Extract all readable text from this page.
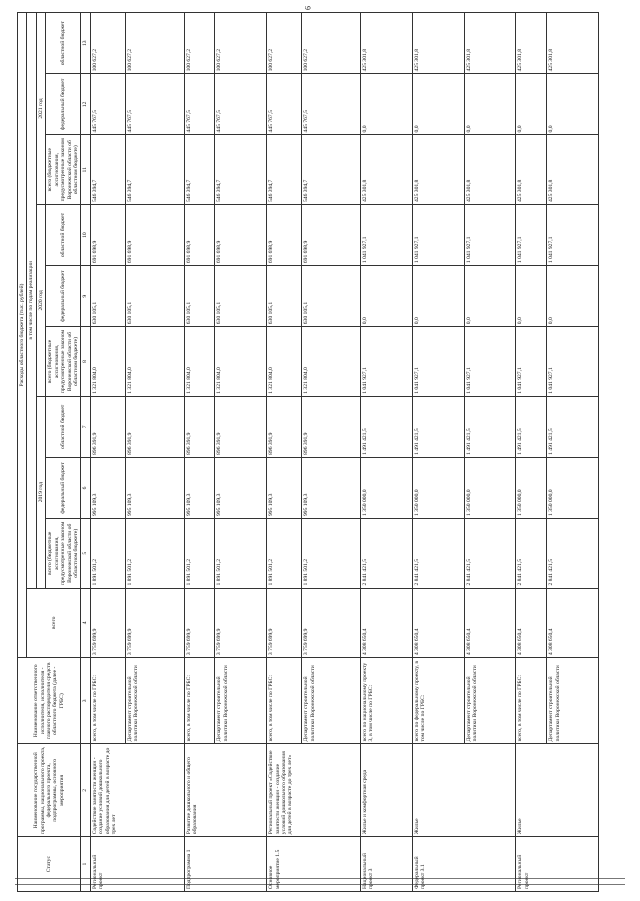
9
Статус	Наименование государственной программы, национального проекта, федерального проекта, подпрограммы, основного мероприятия	Наименование ответственного исполнителя, исполнителя - главного распорядителя средств областного бюджета (далее - ГРБС)	Расходы областного бюджета (тыс. рублей)									
			всего	в том числе по годам реализации								
				2019 год			2020 год			2021 год		
				всего (бюджетные ассигнования, предусмотренные законом Воронежской области об областном бюджете)	федеральный бюджет	областной бюджет	всего (бюджетные ассигнования, предусмотренные законом Воронежской области об областном бюджете)	федеральный бюджет	областной бюджет	всего (бюджетные ассигнования, предусмотренные законом Воронежской области об областном бюджете)	федеральный бюджет	областной бюджет
1	2	3	4	5	6	7	8	9	10	11	12	13
Региональный проект	Содействие занятости женщин - создание условий дошкольного образования для детей в возрасте до трех лет	всего, в том числе по ГРБС:	3 759 699,9	1 891 501,2	995 109,3	896 391,9	1 321 804,0	630 105,1	691 698,9	546 394,7	445 767,5	100 627,2
		Департамент строительной политики Воронежской области	3 759 699,9	1 891 501,2	995 109,3	896 391,9	1 321 804,0	630 105,1	691 698,9	546 394,7	445 767,5	100 627,2
Подпрограмма 1	Развитие дошкольного и общего образования	всего, в том числе по ГРБС:	3 759 699,9	1 891 501,2	995 109,3	896 391,9	1 321 804,0	630 105,1	691 698,9	546 394,7	445 767,5	100 627,2
		Департамент строительной политики Воронежской области	3 759 699,9	1 891 501,2	995 109,3	896 391,9	1 321 804,0	630 105,1	691 698,9	546 394,7	445 767,5	100 627,2
Основное мероприятие 1.5	Региональный проект «Содействие занятости женщин - создание условий дошкольного образования для детей в возрасте до трех лет»	всего, в том числе по ГРБС:	3 759 699,9	1 891 501,2	995 109,3	896 391,9	1 321 804,0	630 105,1	691 698,9	546 394,7	445 767,5	100 627,2
		Департамент строительной политики Воронежской области	3 759 699,9	1 891 501,2	995 109,3	896 391,9	1 321 804,0	630 105,1	691 698,9	546 394,7	445 767,5	100 627,2
Национальный проект 3	Жилье и комфортная среда	всего по национальному проекту 3, в том числе по ГРБС:	4 308 650,4	2 841 421,5	1 350 000,0	1 491 421,5	1 041 927,1	0,0	1 041 927,1	425 301,8	0,0	425 301,8
Федеральный проект 3.1	Жилье	всего по федеральному проекту, в том числе по ГРБС:	4 308 650,4	2 841 421,5	1 350 000,0	1 491 421,5	1 041 927,1	0,0	1 041 927,1	425 301,8	0,0	425 301,8
		Департамент строительной политики Воронежской области	4 308 650,4	2 841 421,5	1 350 000,0	1 491 421,5	1 041 927,1	0,0	1 041 927,1	425 301,8	0,0	425 301,8
Региональный проект	Жилье	всего, в том числе по ГРБС:	4 308 650,4	2 841 421,5	1 350 000,0	1 491 421,5	1 041 927,1	0,0	1 041 927,1	425 301,8	0,0	425 301,8
		Департамент строительной политики Воронежской области	4 308 650,4	2 841 421,5	1 350 000,0	1 491 421,5	1 041 927,1	0,0	1 041 927,1	425 301,8	0,0	425 301,8
